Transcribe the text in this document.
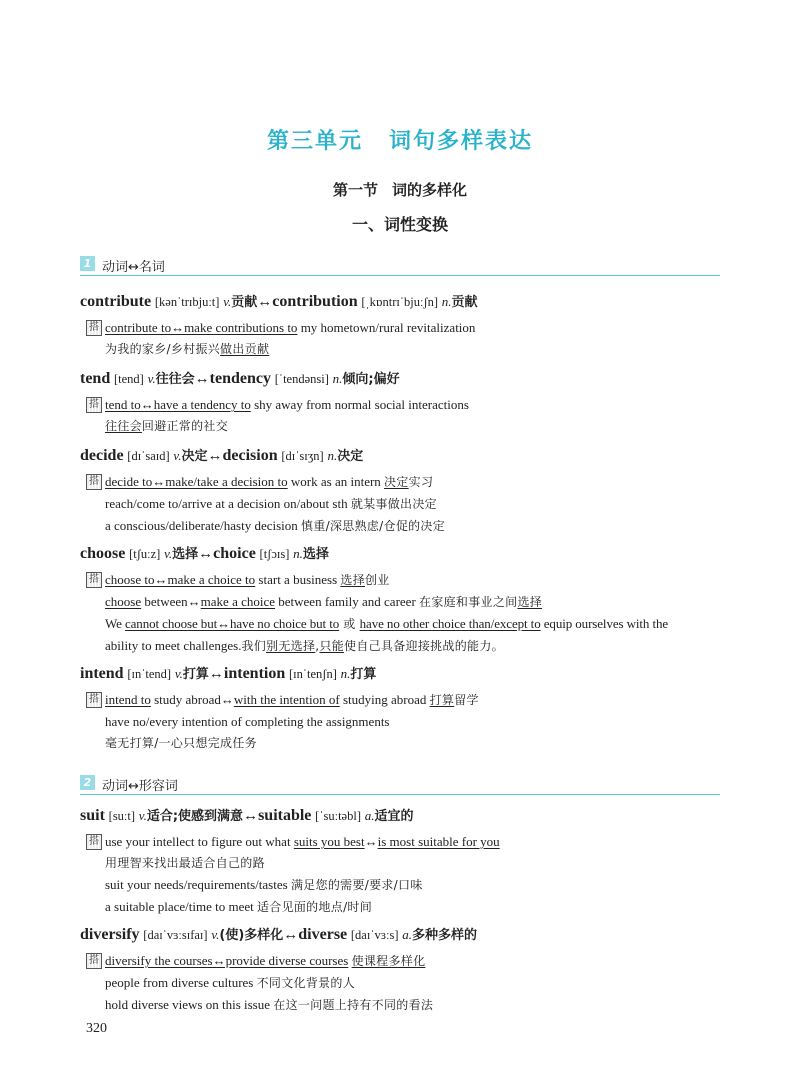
第三单元 词句多样表达
第一节 词的多样化
一、词性变换
1 动词↔名词
contribute [kənˈtrɪbjuːt] v.贡献↔contribution [ˌkɒntrɪˈbjuːʃn] n.贡献
搭 contribute to↔make contributions to my hometown/rural revitalization
为我的家乡/乡村振兴做出贡献
tend [tend] v.往往会↔tendency [ˈtendənsi] n.倾向;偏好
搭 tend to↔have a tendency to shy away from normal social interactions
往往会回避正常的社交
decide [dɪˈsaɪd] v.决定↔decision [dɪˈsɪʒn] n.决定
搭 decide to↔make/take a decision to work as an intern 决定实习
reach/come to/arrive at a decision on/about sth 就某事做出决定
a conscious/deliberate/hasty decision 慎重/深思熟虑/仓促的决定
choose [tʃuːz] v.选择↔choice [tʃɔɪs] n.选择
搭 choose to↔make a choice to start a business 选择创业
choose between↔make a choice between family and career 在家庭和事业之间选择
We cannot choose but↔have no choice but to 或 have no other choice than/except to equip ourselves with the
ability to meet challenges.我们别无选择,只能使自己具备迎接挑战的能力。
intend [ɪnˈtend] v.打算↔intention [ɪnˈtenʃn] n.打算
搭 intend to study abroad↔with the intention of studying abroad 打算留学
have no/every intention of completing the assignments
毫无打算/一心只想完成任务
2 动词↔形容词
suit [suːt] v.适合;使感到满意↔suitable [ˈsuːtəbl] a.适宜的
搭 use your intellect to figure out what suits you best↔is most suitable for you
用理智来找出最适合自己的路
suit your needs/requirements/tastes 满足您的需要/要求/口味
a suitable place/time to meet 适合见面的地点/时间
diversify [daɪˈvɜːsɪfaɪ] v.(使)多样化↔diverse [daɪˈvɜːs] a.多种多样的
搭 diversify the courses↔provide diverse courses 使课程多样化
people from diverse cultures 不同文化背景的人
hold diverse views on this issue 在这一问题上持有不同的看法
320
